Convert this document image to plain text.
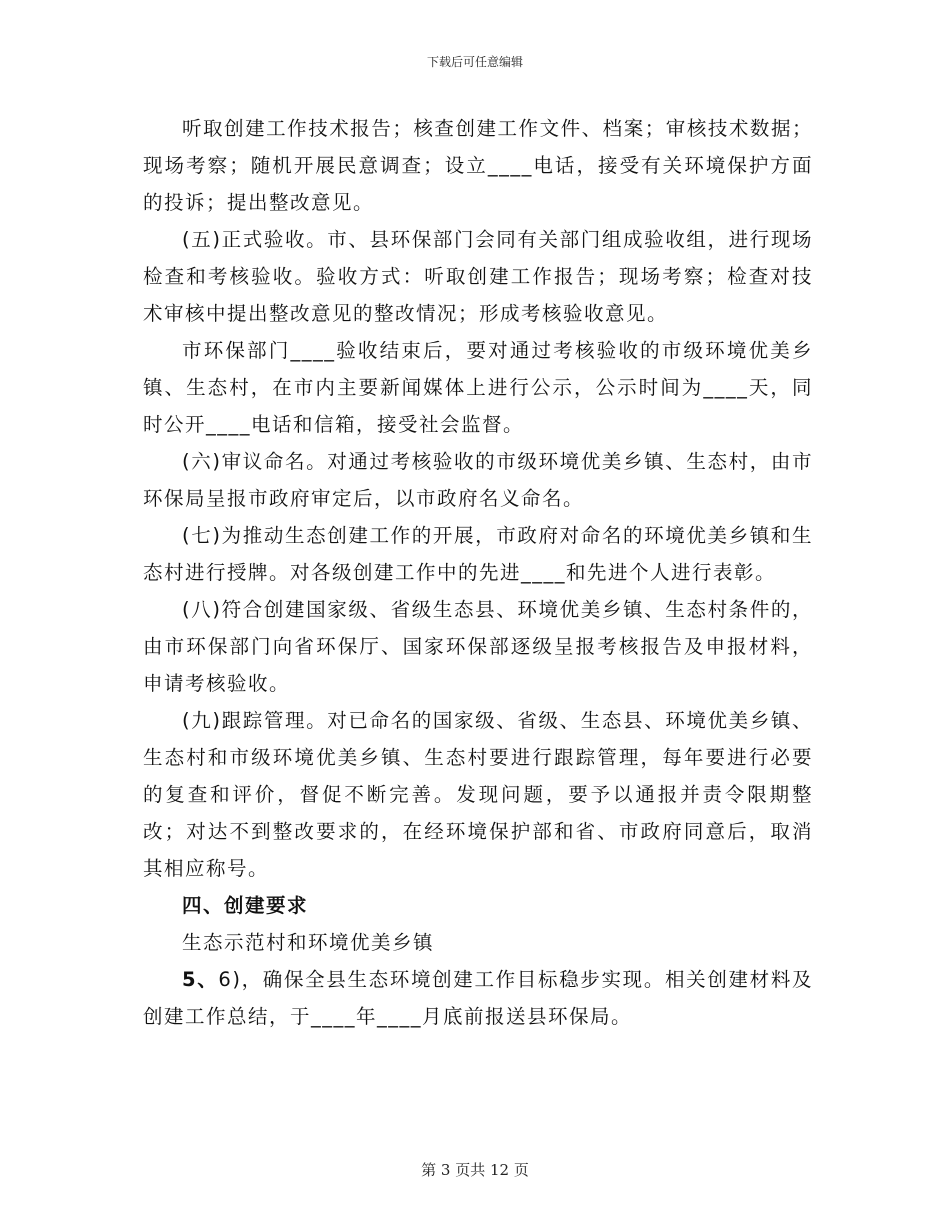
下载后可任意编辑

听取创建工作技术报告；核查创建工作文件、档案；审核技术数据；现场考察；随机开展民意调查；设立____电话，接受有关环境保护方面的投诉；提出整改意见。

(五)正式验收。市、县环保部门会同有关部门组成验收组，进行现场检查和考核验收。验收方式：听取创建工作报告；现场考察；检查对技术审核中提出整改意见的整改情况；形成考核验收意见。

市环保部门____验收结束后，要对通过考核验收的市级环境优美乡镇、生态村，在市内主要新闻媒体上进行公示，公示时间为____天，同时公开____电话和信箱，接受社会监督。

(六)审议命名。对通过考核验收的市级环境优美乡镇、生态村，由市环保局呈报市政府审定后，以市政府名义命名。

(七)为推动生态创建工作的开展，市政府对命名的环境优美乡镇和生态村进行授牌。对各级创建工作中的先进____和先进个人进行表彰。

(八)符合创建国家级、省级生态县、环境优美乡镇、生态村条件的，由市环保部门向省环保厅、国家环保部逐级呈报考核报告及申报材料，申请考核验收。

(九)跟踪管理。对已命名的国家级、省级、生态县、环境优美乡镇、生态村和市级环境优美乡镇、生态村要进行跟踪管理，每年要进行必要的复查和评价，督促不断完善。发现问题，要予以通报并责令限期整改；对达不到整改要求的，在经环境保护部和省、市政府同意后，取消其相应称号。

四、创建要求

生态示范村和环境优美乡镇

5、6)，确保全县生态环境创建工作目标稳步实现。相关创建材料及创建工作总结，于____年____月底前报送县环保局。

第 3 页共 12 页
